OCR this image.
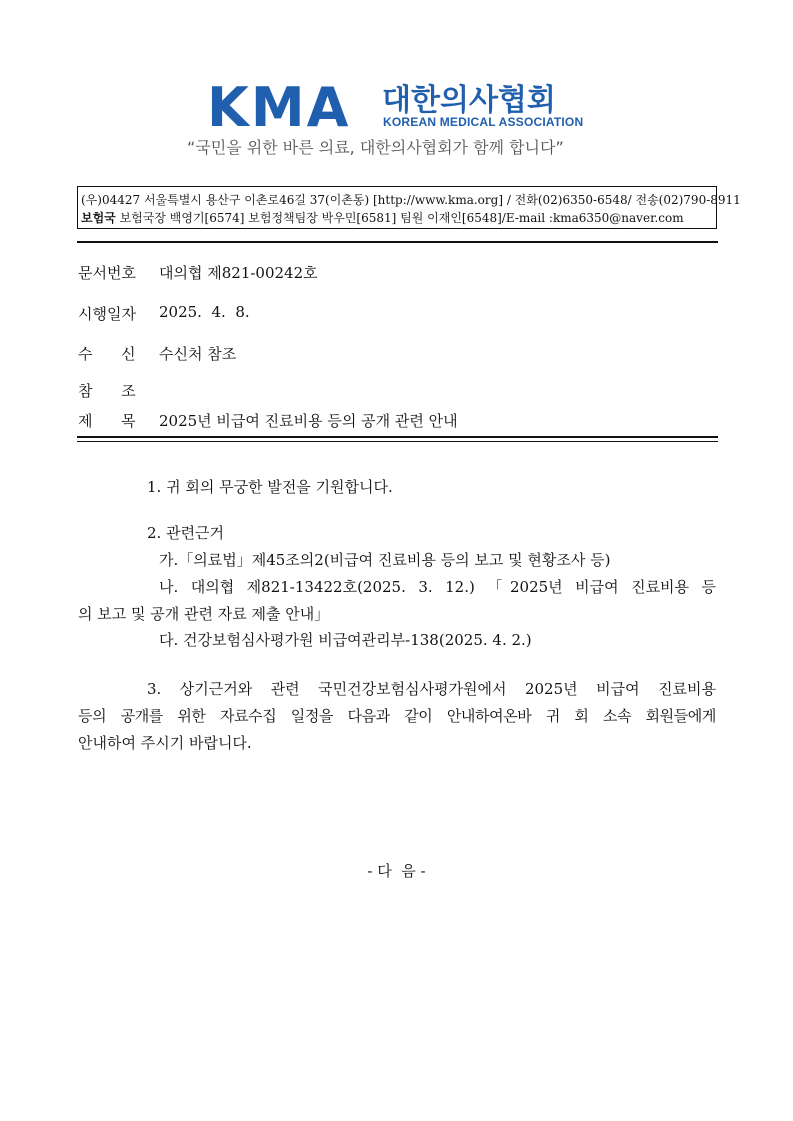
KMA 대한의사협회
KOREAN MEDICAL ASSOCIATION
“국민을 위한 바른 의료, 대한의사협회가 함께 합니다”
(우)04427 서울특별시 용산구 이촌로46길 37(이촌동) [http://www.kma.org] / 전화(02)6350-6548/ 전송(02)790-8911
보험국 보험국장 백영기[6574] 보험정책팀장 박우민[6581] 팀원 이재인[6548]/E-mail :kma6350@naver.com
문서번호 대의협 제821-00242호
시행일자 2025.  4.  8.
수      신 수신처 참조
참      조
제      목 2025년 비급여 진료비용 등의 공개 관련 안내
1. 귀 회의 무궁한 발전을 기원합니다.
2. 관련근거
가.「의료법」제45조의2(비급여 진료비용 등의 보고 및 현황조사 등)
나. 대의협 제821-13422호(2025. 3. 12.) 「2025년 비급여 진료비용 등
의 보고 및 공개 관련 자료 제출 안내」
다. 건강보험심사평가원 비급여관리부-138(2025. 4. 2.)
3. 상기근거와 관련 국민건강보험심사평가원에서 2025년 비급여 진료비용
등의 공개를 위한 자료수집 일정을 다음과 같이 안내하여온바 귀 회 소속 회원들에게
안내하여 주시기 바랍니다.
- 다  음 -
